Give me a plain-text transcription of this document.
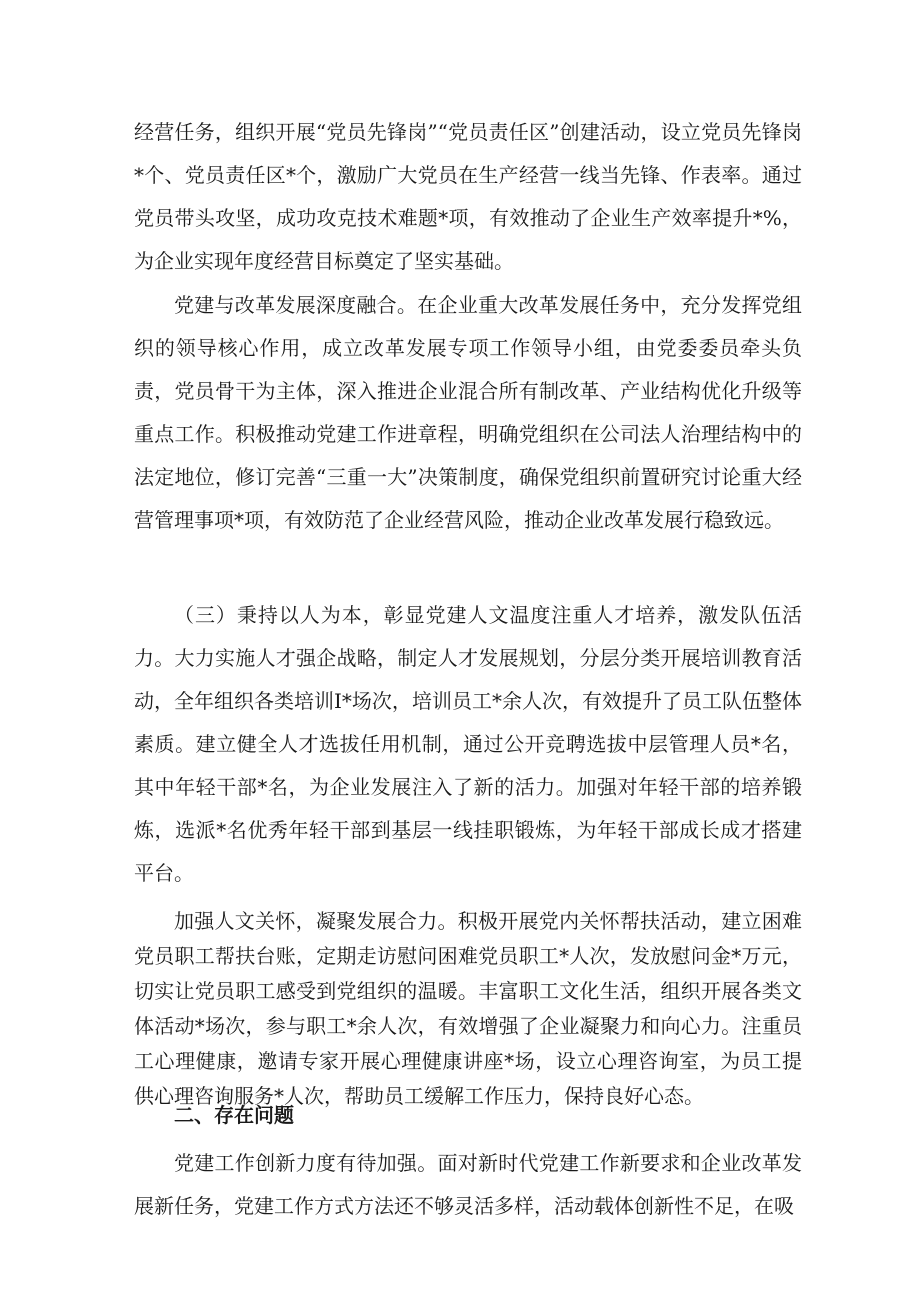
经营任务，组织开展“党员先锋岗”“党员责任区”创建活动，设立党员先锋岗*个、党员责任区*个，激励广大党员在生产经营一线当先锋、作表率。通过党员带头攻坚，成功攻克技术难题*项，有效推动了企业生产效率提升*%，为企业实现年度经营目标奠定了坚实基础。

党建与改革发展深度融合。在企业重大改革发展任务中，充分发挥党组织的领导核心作用，成立改革发展专项工作领导小组，由党委委员牵头负责，党员骨干为主体，深入推进企业混合所有制改革、产业结构优化升级等重点工作。积极推动党建工作进章程，明确党组织在公司法人治理结构中的法定地位，修订完善“三重一大”决策制度，确保党组织前置研究讨论重大经营管理事项*项，有效防范了企业经营风险，推动企业改革发展行稳致远。

（三）秉持以人为本，彰显党建人文温度注重人才培养，激发队伍活力。大力实施人才强企战略，制定人才发展规划，分层分类开展培训教育活动，全年组织各类培训I*场次，培训员工*余人次，有效提升了员工队伍整体素质。建立健全人才选拔任用机制，通过公开竞聘选拔中层管理人员*名，其中年轻干部*名，为企业发展注入了新的活力。加强对年轻干部的培养锻炼，选派*名优秀年轻干部到基层一线挂职锻炼，为年轻干部成长成才搭建平台。

加强人文关怀，凝聚发展合力。积极开展党内关怀帮扶活动，建立困难党员职工帮扶台账，定期走访慰问困难党员职工*人次，发放慰问金*万元，切实让党员职工感受到党组织的温暖。丰富职工文化生活，组织开展各类文体活动*场次，参与职工*余人次，有效增强了企业凝聚力和向心力。注重员工心理健康，邀请专家开展心理健康讲座*场，设立心理咨询室，为员工提供心理咨询服务*人次，帮助员工缓解工作压力，保持良好心态。

二、存在问题

党建工作创新力度有待加强。面对新时代党建工作新要求和企业改革发展新任务，党建工作方式方法还不够灵活多样，活动载体创新性不足，在吸
